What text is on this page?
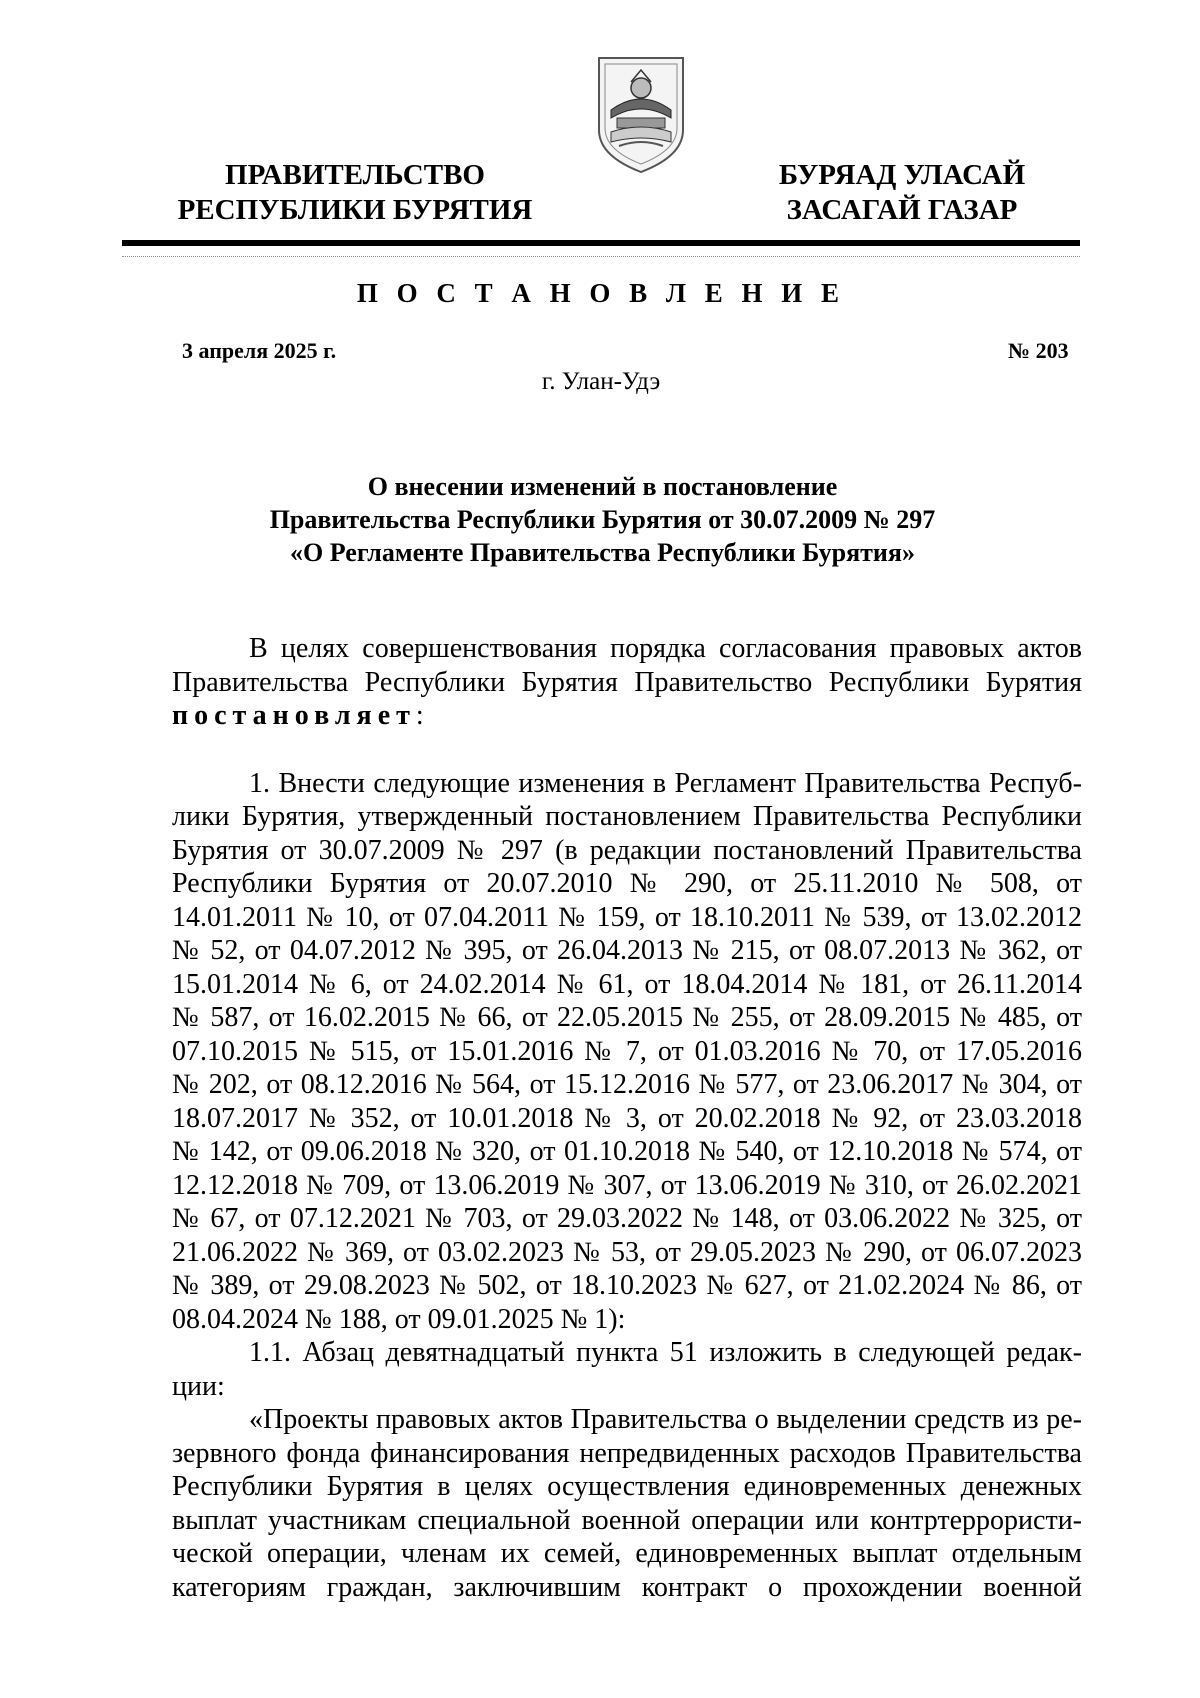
ПРАВИТЕЛЬСТВО
РЕСПУБЛИКИ БУРЯТИЯ
БУРЯАД УЛАСАЙ
ЗАСАГАЙ ГАЗАР
П О С Т А Н О В Л Е Н И Е
3 апреля 2025 г.	№ 203
г. Улан-Удэ
О внесении изменений в постановление
Правительства Республики Бурятия от 30.07.2009 № 297
«О Регламенте Правительства Республики Бурятия»
В целях совершенствования порядка согласования правовых актов
Правительства Республики Бурятия Правительство Республики Бурятия
постановляет:
1. Внести следующие изменения в Регламент Правительства Респуб-
лики Бурятия, утвержденный постановлением Правительства Республики
Бурятия от 30.07.2009 № 297 (в редакции постановлений Правительства
Республики Бурятия от 20.07.2010 № 290, от 25.11.2010 № 508, от
14.01.2011 № 10, от 07.04.2011 № 159, от 18.10.2011 № 539, от 13.02.2012
№ 52, от 04.07.2012 № 395, от 26.04.2013 № 215, от 08.07.2013 № 362, от
15.01.2014 № 6, от 24.02.2014 № 61, от 18.04.2014 № 181, от 26.11.2014
№ 587, от 16.02.2015 № 66, от 22.05.2015 № 255, от 28.09.2015 № 485, от
07.10.2015 № 515, от 15.01.2016 № 7, от 01.03.2016 № 70, от 17.05.2016
№ 202, от 08.12.2016 № 564, от 15.12.2016 № 577, от 23.06.2017 № 304, от
18.07.2017 № 352, от 10.01.2018 № 3, от 20.02.2018 № 92, от 23.03.2018
№ 142, от 09.06.2018 № 320, от 01.10.2018 № 540, от 12.10.2018 № 574, от
12.12.2018 № 709, от 13.06.2019 № 307, от 13.06.2019 № 310, от 26.02.2021
№ 67, от 07.12.2021 № 703, от 29.03.2022 № 148, от 03.06.2022 № 325, от
21.06.2022 № 369, от 03.02.2023 № 53, от 29.05.2023 № 290, от 06.07.2023
№ 389, от 29.08.2023 № 502, от 18.10.2023 № 627, от 21.02.2024 № 86, от
08.04.2024 № 188, от 09.01.2025 № 1):
1.1. Абзац девятнадцатый пункта 51 изложить в следующей редак-
ции:
«Проекты правовых актов Правительства о выделении средств из ре-
зервного фонда финансирования непредвиденных расходов Правительства
Республики Бурятия в целях осуществления единовременных денежных
выплат участникам специальной военной операции или контртеррористи-
ческой операции, членам их семей, единовременных выплат отдельным
категориям граждан, заключившим контракт о прохождении военной
